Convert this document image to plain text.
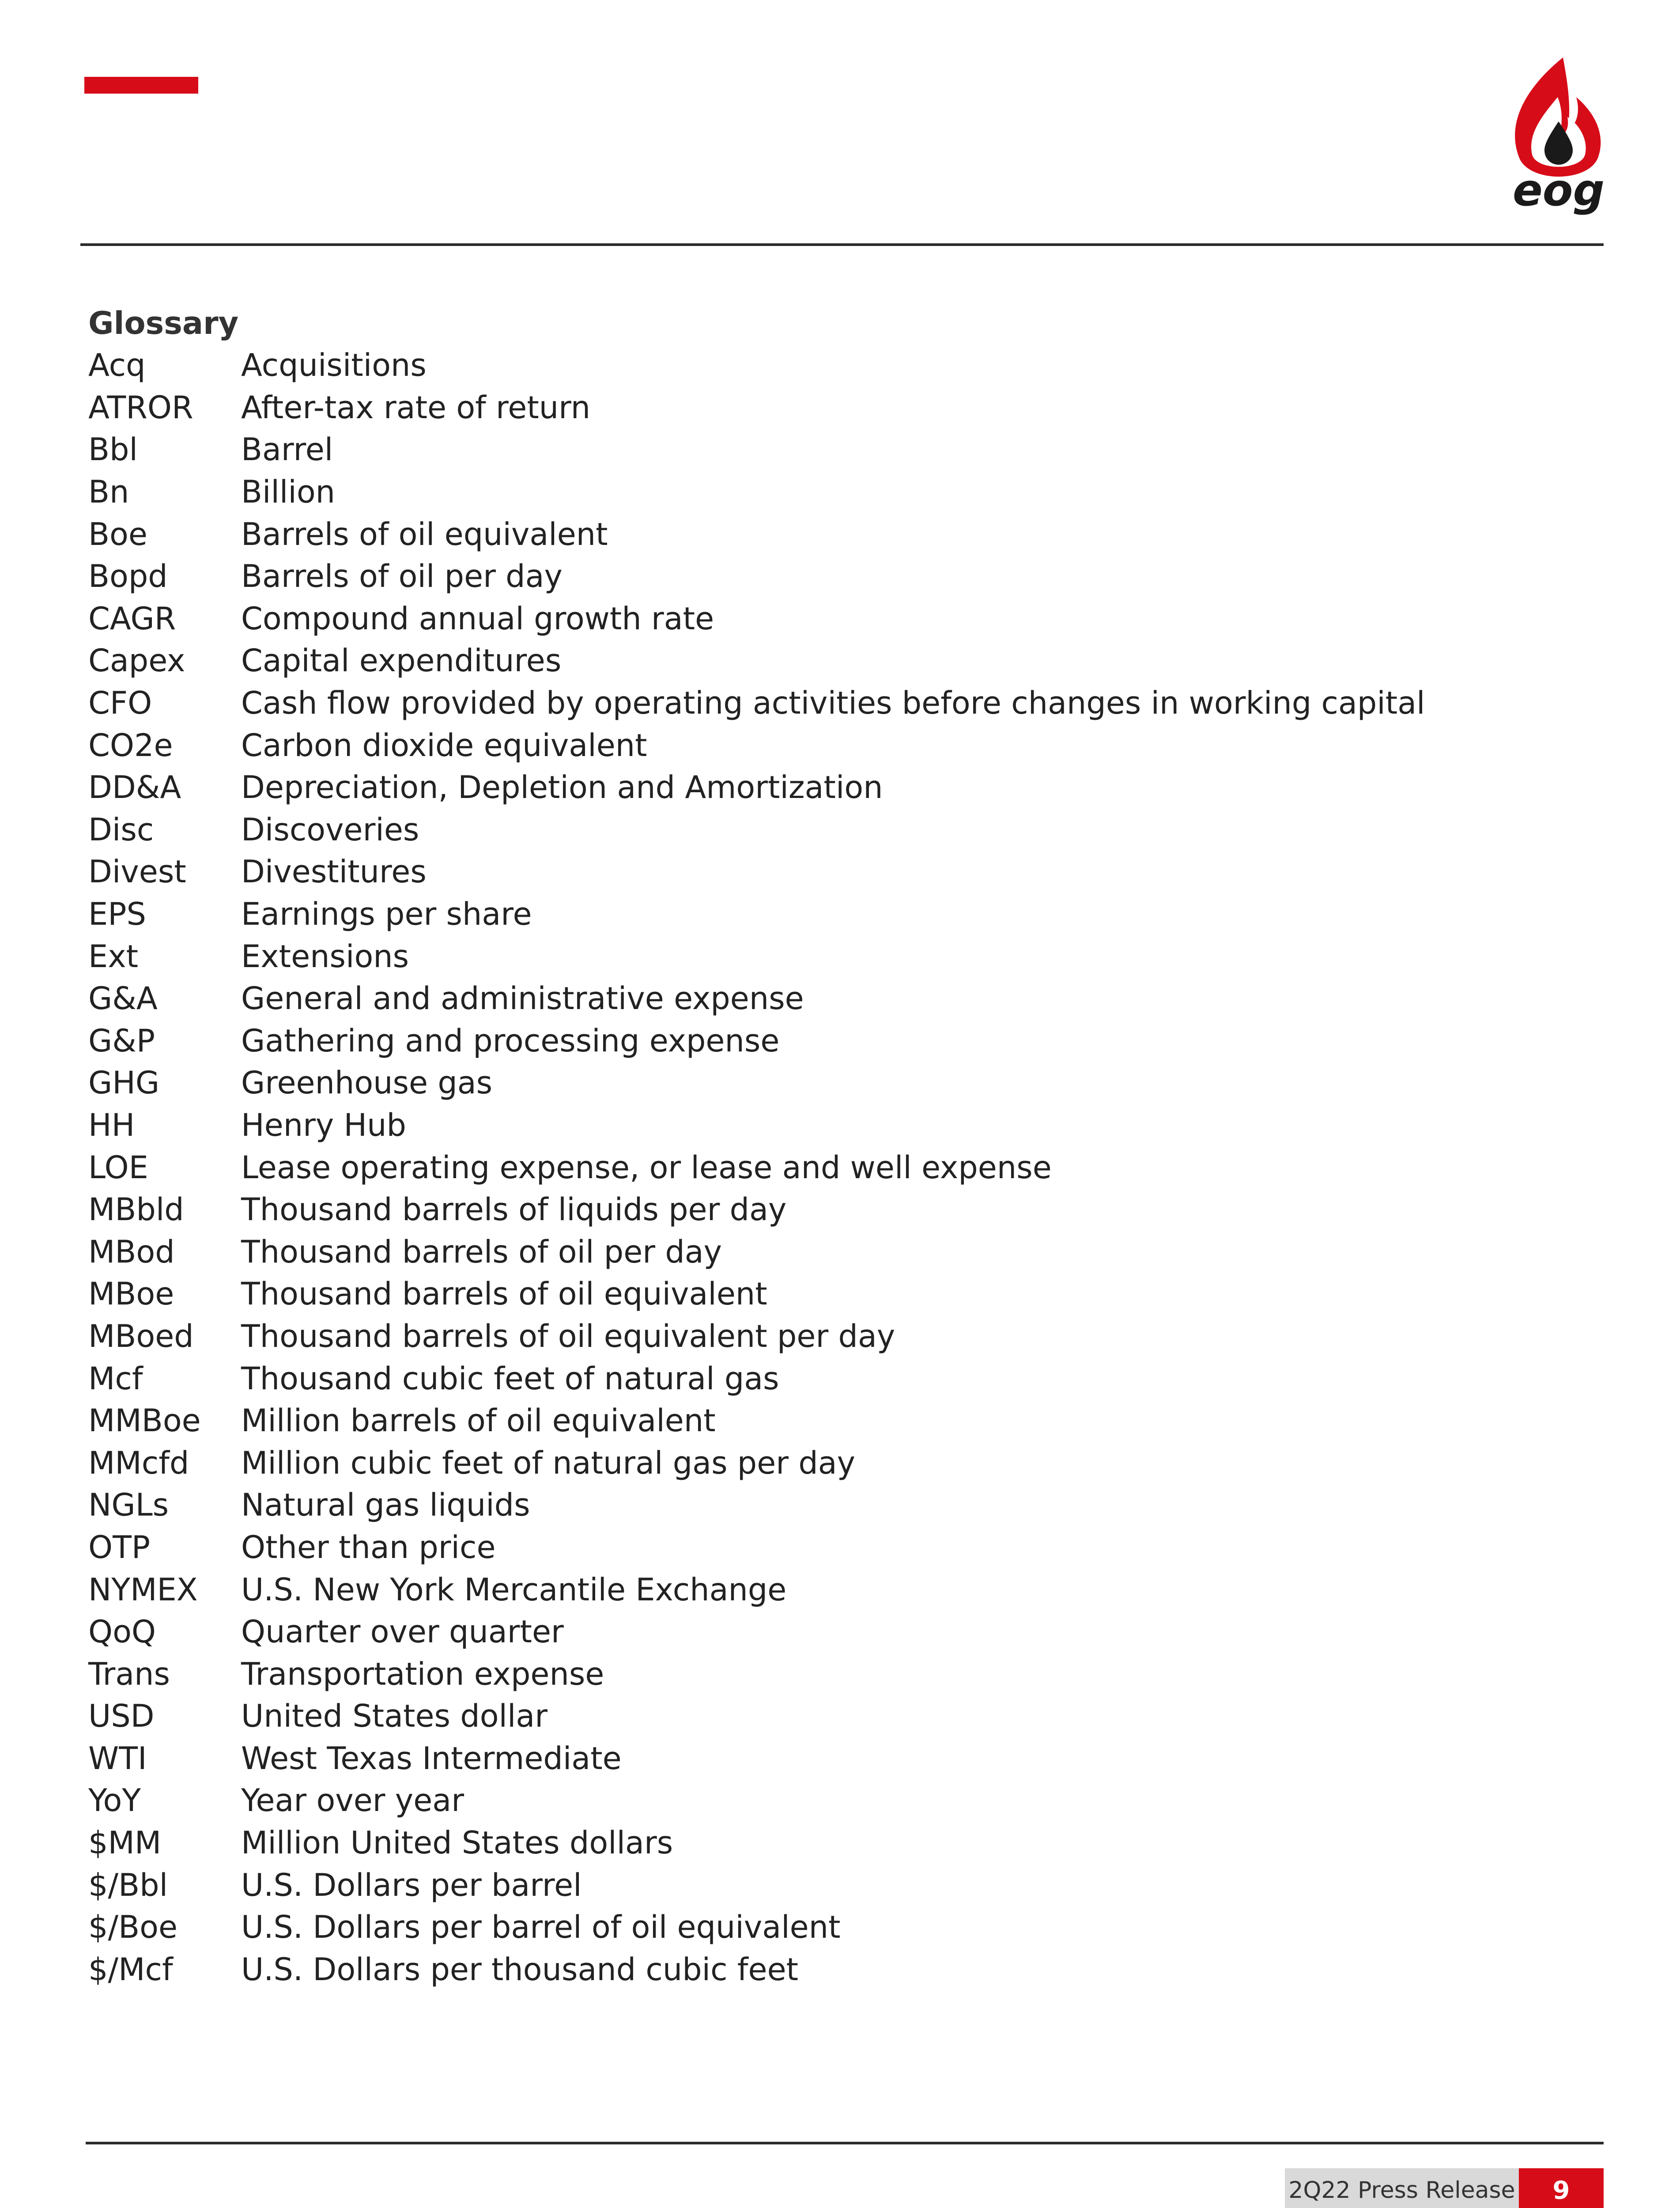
eog
Glossary
Acq	Acquisitions
ATROR	After-tax rate of return
Bbl	Barrel
Bn	Billion
Boe	Barrels of oil equivalent
Bopd	Barrels of oil per day
CAGR	Compound annual growth rate
Capex	Capital expenditures
CFO	Cash flow provided by operating activities before changes in working capital
CO2e	Carbon dioxide equivalent
DD&A	Depreciation, Depletion and Amortization
Disc	Discoveries
Divest	Divestitures
EPS	Earnings per share
Ext	Extensions
G&A	General and administrative expense
G&P	Gathering and processing expense
GHG	Greenhouse gas
HH	Henry Hub
LOE	Lease operating expense, or lease and well expense
MBbld	Thousand barrels of liquids per day
MBod	Thousand barrels of oil per day
MBoe	Thousand barrels of oil equivalent
MBoed	Thousand barrels of oil equivalent per day
Mcf	Thousand cubic feet of natural gas
MMBoe	Million barrels of oil equivalent
MMcfd	Million cubic feet of natural gas per day
NGLs	Natural gas liquids
OTP	Other than price
NYMEX	U.S. New York Mercantile Exchange
QoQ	Quarter over quarter
Trans	Transportation expense
USD	United States dollar
WTI	West Texas Intermediate
YoY	Year over year
$MM	Million United States dollars
$/Bbl	U.S. Dollars per barrel
$/Boe	U.S. Dollars per barrel of oil equivalent
$/Mcf	U.S. Dollars per thousand cubic feet
2Q22 Press Release	9
